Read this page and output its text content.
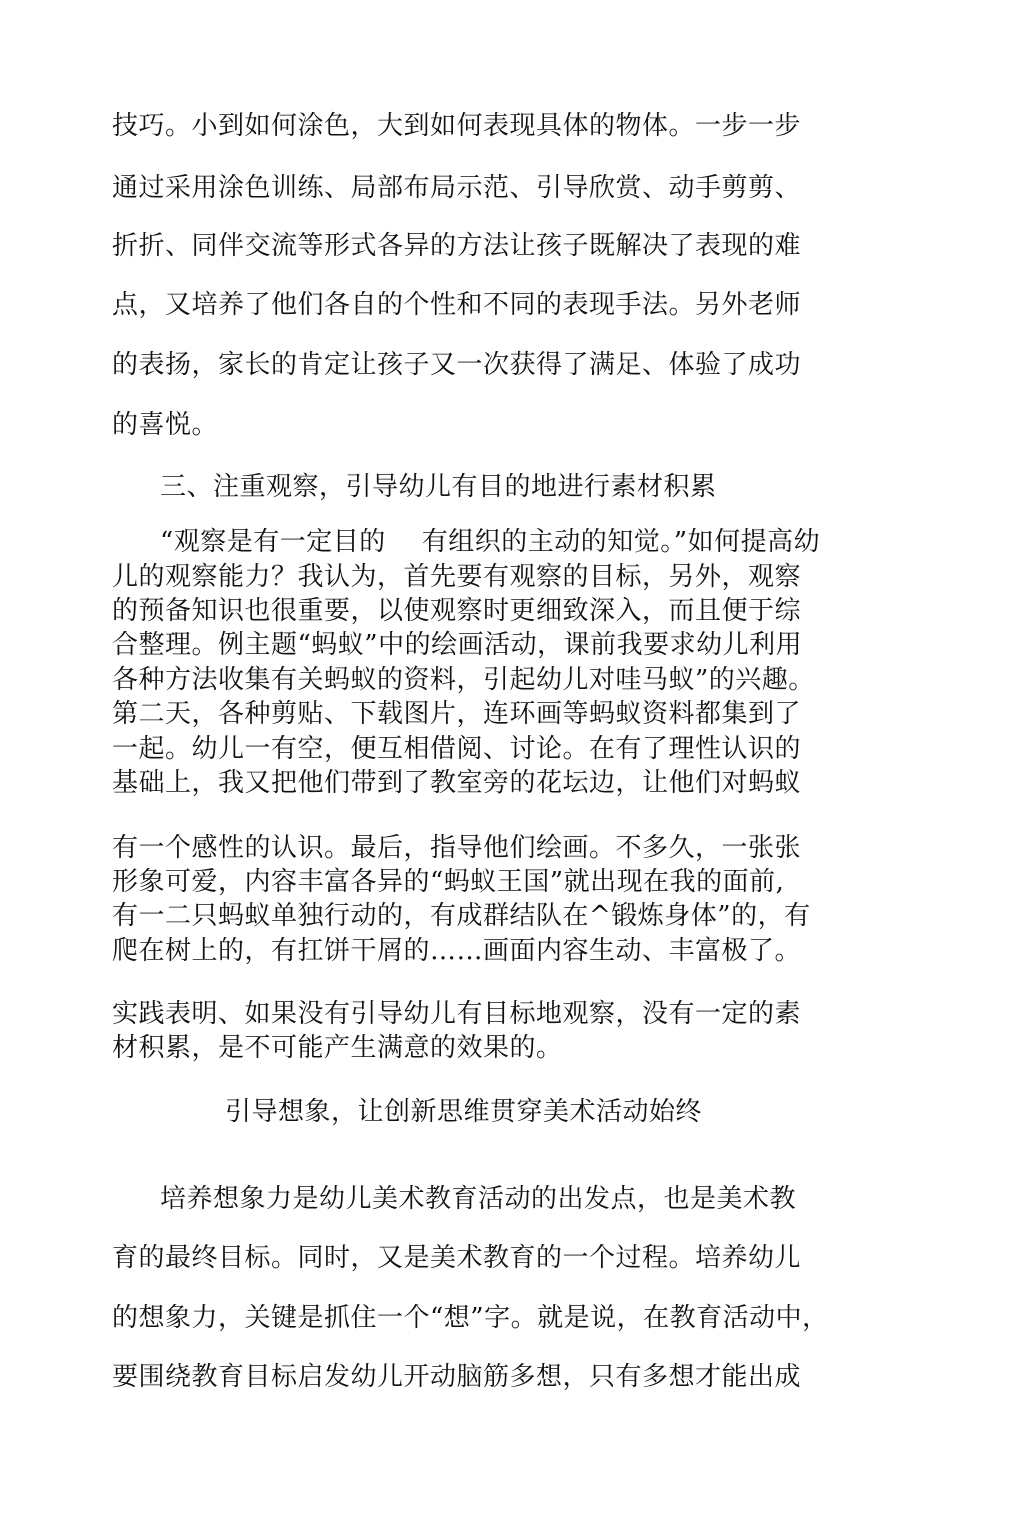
技巧。小到如何涂色，大到如何表现具体的物体。一步一步
通过采用涂色训练、局部布局示范、引导欣赏、动手剪剪、
折折、同伴交流等形式各异的方法让孩子既解决了表现的难
点，又培养了他们各自的个性和不同的表现手法。另外老师
的表扬，家长的肯定让孩子又一次获得了满足、体验了成功
的喜悦。
三、注重观察，引导幼儿有目的地进行素材积累
“观察是有一定目的 有组织的主动的知觉。”如何提高幼
儿的观察能力？我认为，首先要有观察的目标，另外，观察
的预备知识也很重要，以使观察时更细致深入，而且便于综
合整理。例主题“蚂蚁”中的绘画活动，课前我要求幼儿利用
各种方法收集有关蚂蚁的资料，引起幼儿对哇马蚁”的兴趣。
第二天，各种剪贴、下载图片，连环画等蚂蚁资料都集到了
一起。幼儿一有空，便互相借阅、讨论。在有了理性认识的
基础上，我又把他们带到了教室旁的花坛边，让他们对蚂蚁
有一个感性的认识。最后，指导他们绘画。不多久，一张张
形象可爱，内容丰富各异的“蚂蚁王国”就出现在我的面前,
有一二只蚂蚁单独行动的，有成群结队在^锻炼身体”的，有
爬在树上的，有扛饼干屑的……画面内容生动、丰富极了。
实践表明、如果没有引导幼儿有目标地观察，没有一定的素
材积累，是不可能产生满意的效果的。
引导想象，让创新思维贯穿美术活动始终
培养想象力是幼儿美术教育活动的出发点，也是美术教
育的最终目标。同时，又是美术教育的一个过程。培养幼儿
的想象力，关键是抓住一个“想”字。就是说，在教育活动中，
要围绕教育目标启发幼儿开动脑筋多想，只有多想才能出成
